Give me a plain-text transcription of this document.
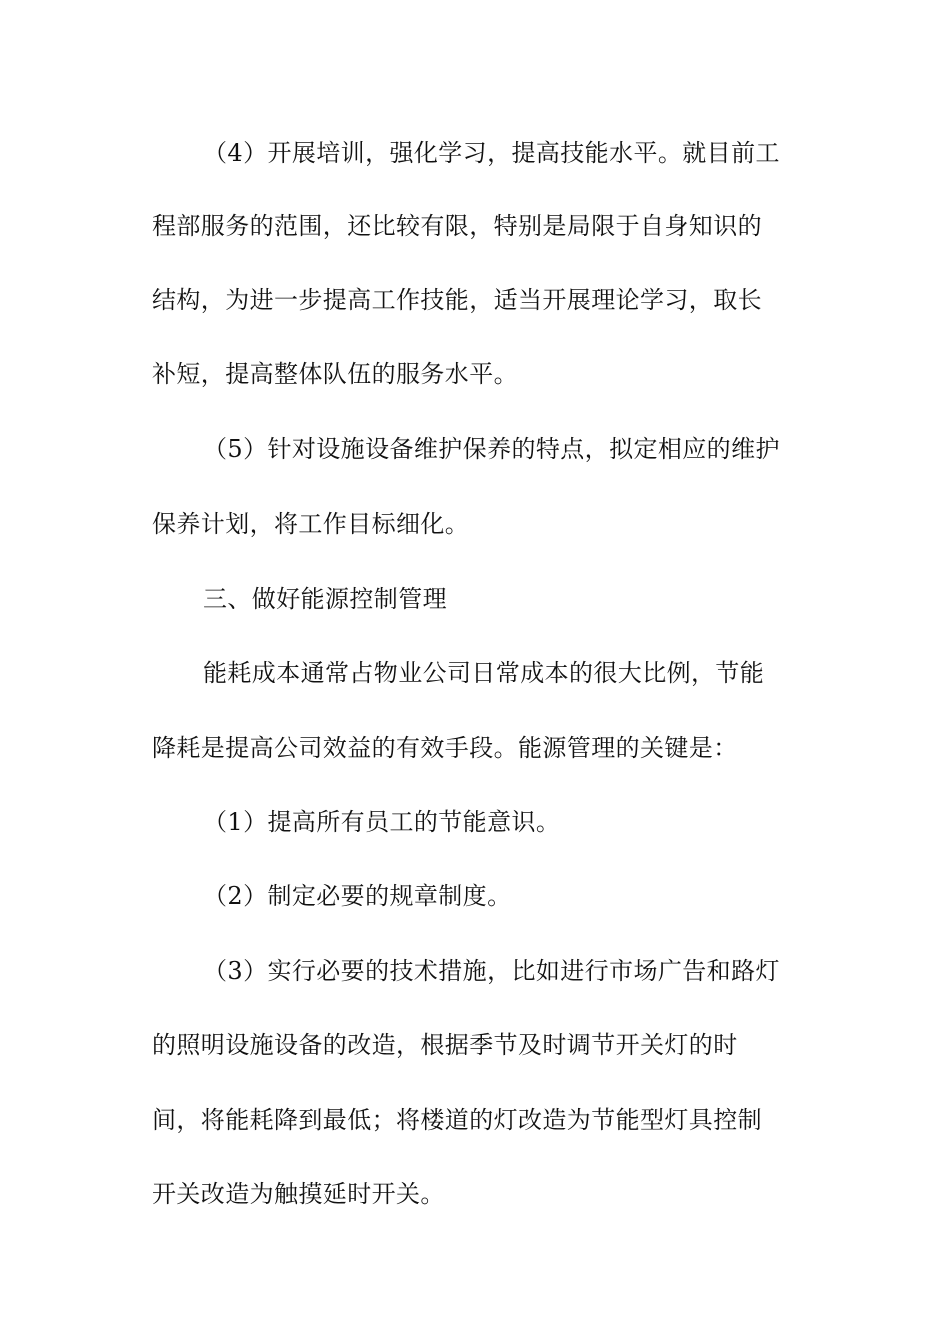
（4）开展培训，强化学习，提高技能水平。就目前工
程部服务的范围，还比较有限，特别是局限于自身知识的
结构，为进一步提高工作技能，适当开展理论学习，取长
补短，提高整体队伍的服务水平。
（5）针对设施设备维护保养的特点，拟定相应的维护
保养计划，将工作目标细化。
三、做好能源控制管理
能耗成本通常占物业公司日常成本的很大比例，节能
降耗是提高公司效益的有效手段。能源管理的关键是：
（1）提高所有员工的节能意识。
（2）制定必要的规章制度。
（3）实行必要的技术措施，比如进行市场广告和路灯
的照明设施设备的改造，根据季节及时调节开关灯的时
间，将能耗降到最低；将楼道的灯改造为节能型灯具控制
开关改造为触摸延时开关。
